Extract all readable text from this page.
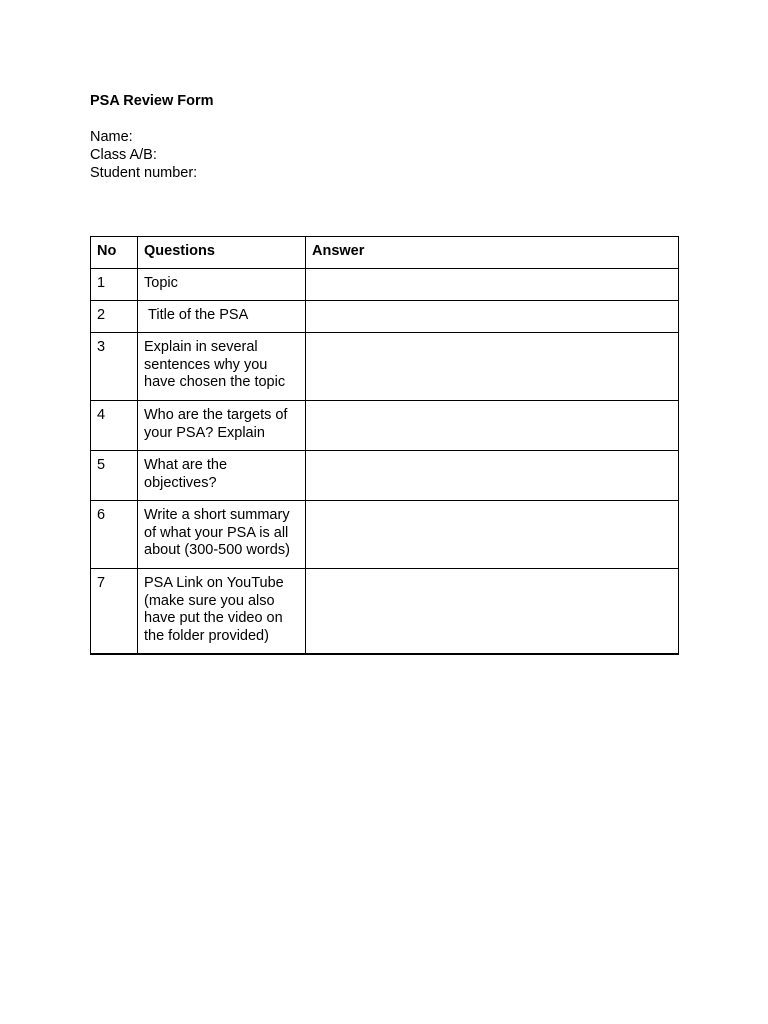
PSA Review Form
Name:
Class A/B:
Student number:
No	Questions	Answer
1	Topic	
2	Title of the PSA	
3	Explain in several sentences why you have chosen the topic	
4	Who are the targets of your PSA? Explain	
5	What are the objectives?	
6	Write a short summary of what your PSA is all about (300-500 words)	
7	PSA Link on YouTube (make sure you also have put the video on the folder provided)	
